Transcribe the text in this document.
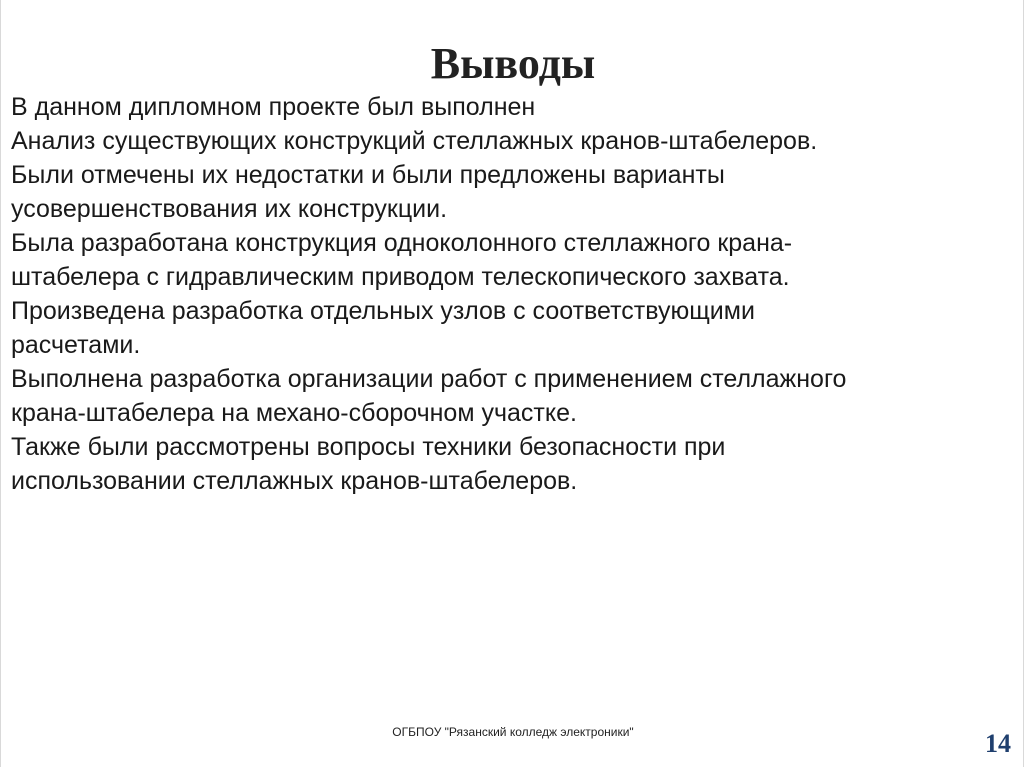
Выводы
В данном дипломном проекте был выполнен
Анализ существующих конструкций стеллажных кранов-штабелеров.
Были отмечены их недостатки и были предложены варианты
усовершенствования их конструкции.
Была разработана конструкция одноколонного стеллажного крана-
штабелера с гидравлическим приводом телескопического захвата.
Произведена разработка отдельных узлов с соответствующими
расчетами.
Выполнена разработка организации работ с применением стеллажного
крана-штабелера на механо-сборочном участке.
Также были рассмотрены вопросы техники безопасности при
использовании стеллажных кранов-штабелеров.
ОГБПОУ "Рязанский колледж электроники"	14
